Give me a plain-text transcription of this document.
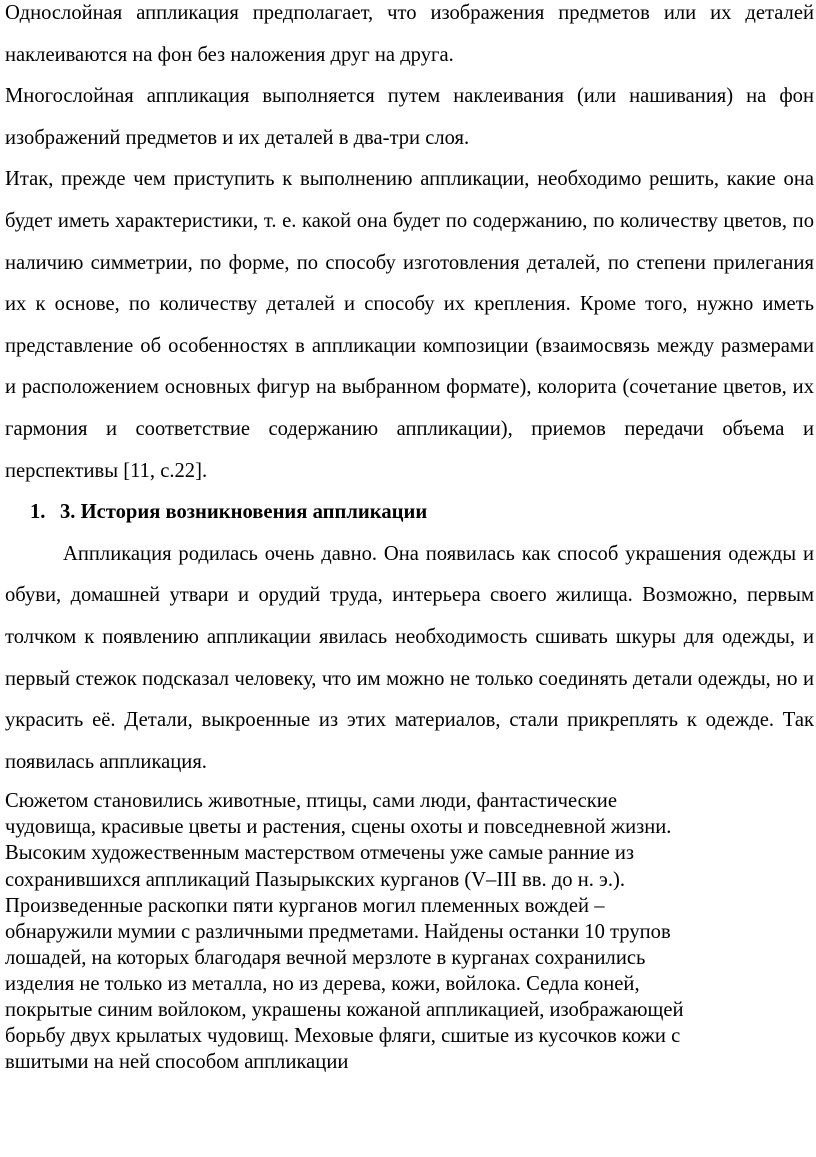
Однослойная аппликация предполагает, что изображения предметов или их деталей наклеиваются на фон без наложения друг на друга.

Многослойная аппликация выполняется путем наклеивания (или нашивания) на фон изображений предметов и их деталей в два-три слоя.

Итак, прежде чем приступить к выполнению аппликации, необходимо решить, какие она будет иметь характеристики, т. е. какой она будет по содержанию, по количеству цветов, по наличию симметрии, по форме, по способу изготовления деталей, по степени прилегания их к основе, по количеству деталей и способу их крепления. Кроме того, нужно иметь представление об особенностях в аппликации композиции (взаимосвязь между размерами и расположением основных фигур на выбранном формате), колорита (сочетание цветов, их гармония и соответствие содержанию аппликации), приемов передачи объема и перспективы [11, с.22].

1. 3. История возникновения аппликации

Аппликация родилась очень давно. Она появилась как способ украшения одежды и обуви, домашней утвари и орудий труда, интерьера своего жилища. Возможно, первым толчком к появлению аппликации явилась необходимость сшивать шкуры для одежды, и первый стежок подсказал человеку, что им можно не только соединять детали одежды, но и украсить её. Детали, выкроенные из этих материалов, стали прикреплять к одежде. Так появилась аппликация.

Сюжетом становились животные, птицы, сами люди, фантастические
чудовища, красивые цветы и растения, сцены охоты и повседневной жизни.
Высоким художественным мастерством отмечены уже самые ранние из
сохранившихся аппликаций Пазырыкских курганов (V–III вв. до н. э.).
Произведенные раскопки пяти курганов могил племенных вождей –
обнаружили мумии с различными предметами. Найдены останки 10 трупов
лошадей, на которых благодаря вечной мерзлоте в курганах сохранились
изделия не только из металла, но из дерева, кожи, войлока. Седла коней,
покрытые синим войлоком, украшены кожаной аппликацией, изображающей
борьбу двух крылатых чудовищ. Меховые фляги, сшитые из кусочков кожи с
вшитыми на ней способом аппликации
